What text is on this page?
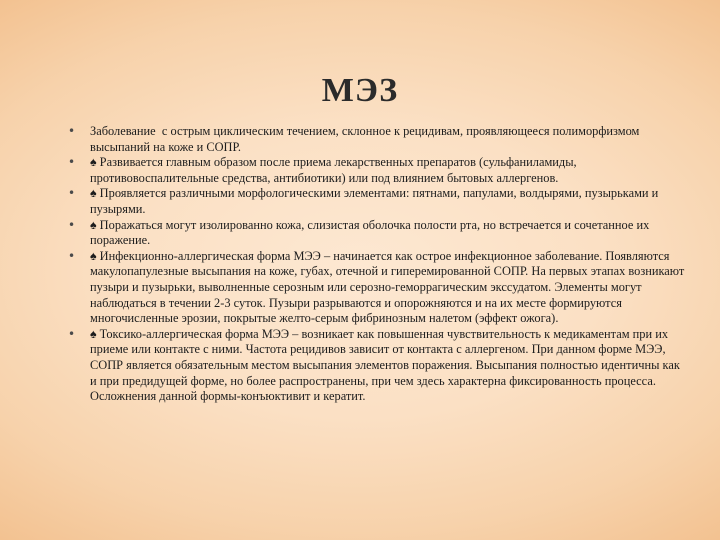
МЭЗ
• Заболевание  с острым циклическим течением, склонное к рецидивам, проявляющееся полиморфизмом высыпаний на коже и СОПР.
• ♠ Развивается главным образом после приема лекарственных препаратов (сульфаниламиды, противовоспалительные средства, антибиотики) или под влиянием бытовых аллергенов.
• ♠ Проявляется различными морфологическими элементами: пятнами, папулами, волдырями, пузырьками и пузырями.
• ♠ Поражаться могут изолированно кожа, слизистая оболочка полости рта, но встречается и сочетанное их поражение.
• ♠ Инфекционно-аллергическая форма МЭЭ – начинается как острое инфекционное заболевание. Появляются макулопапулезные высыпания на коже, губах, отечной и гиперемированной СОПР. На первых этапах возникают пузыри и пузырьки, выволненные серозным или серозно-геморрагическим экссудатом. Элементы могут наблюдаться в течении 2-3 суток. Пузыри разрываются и опорожняются и на их месте формируются многочисленные эрозии, покрытые желто-серым фибринозным налетом (эффект ожога).
• ♠ Токсико-аллергическая форма МЭЭ – возникает как повышенная чувствительность к медикаментам при их приеме или контакте с ними. Частота рецидивов зависит от контакта с аллергеном. При данном форме МЭЭ, СОПР является обязательным местом высыпания элементов поражения. Высыпания полностью идентичны как и при предидущей форме, но более распространены, при чем здесь характерна фиксированность процесса. Осложнения данной формы-конъюктивит и кератит.
